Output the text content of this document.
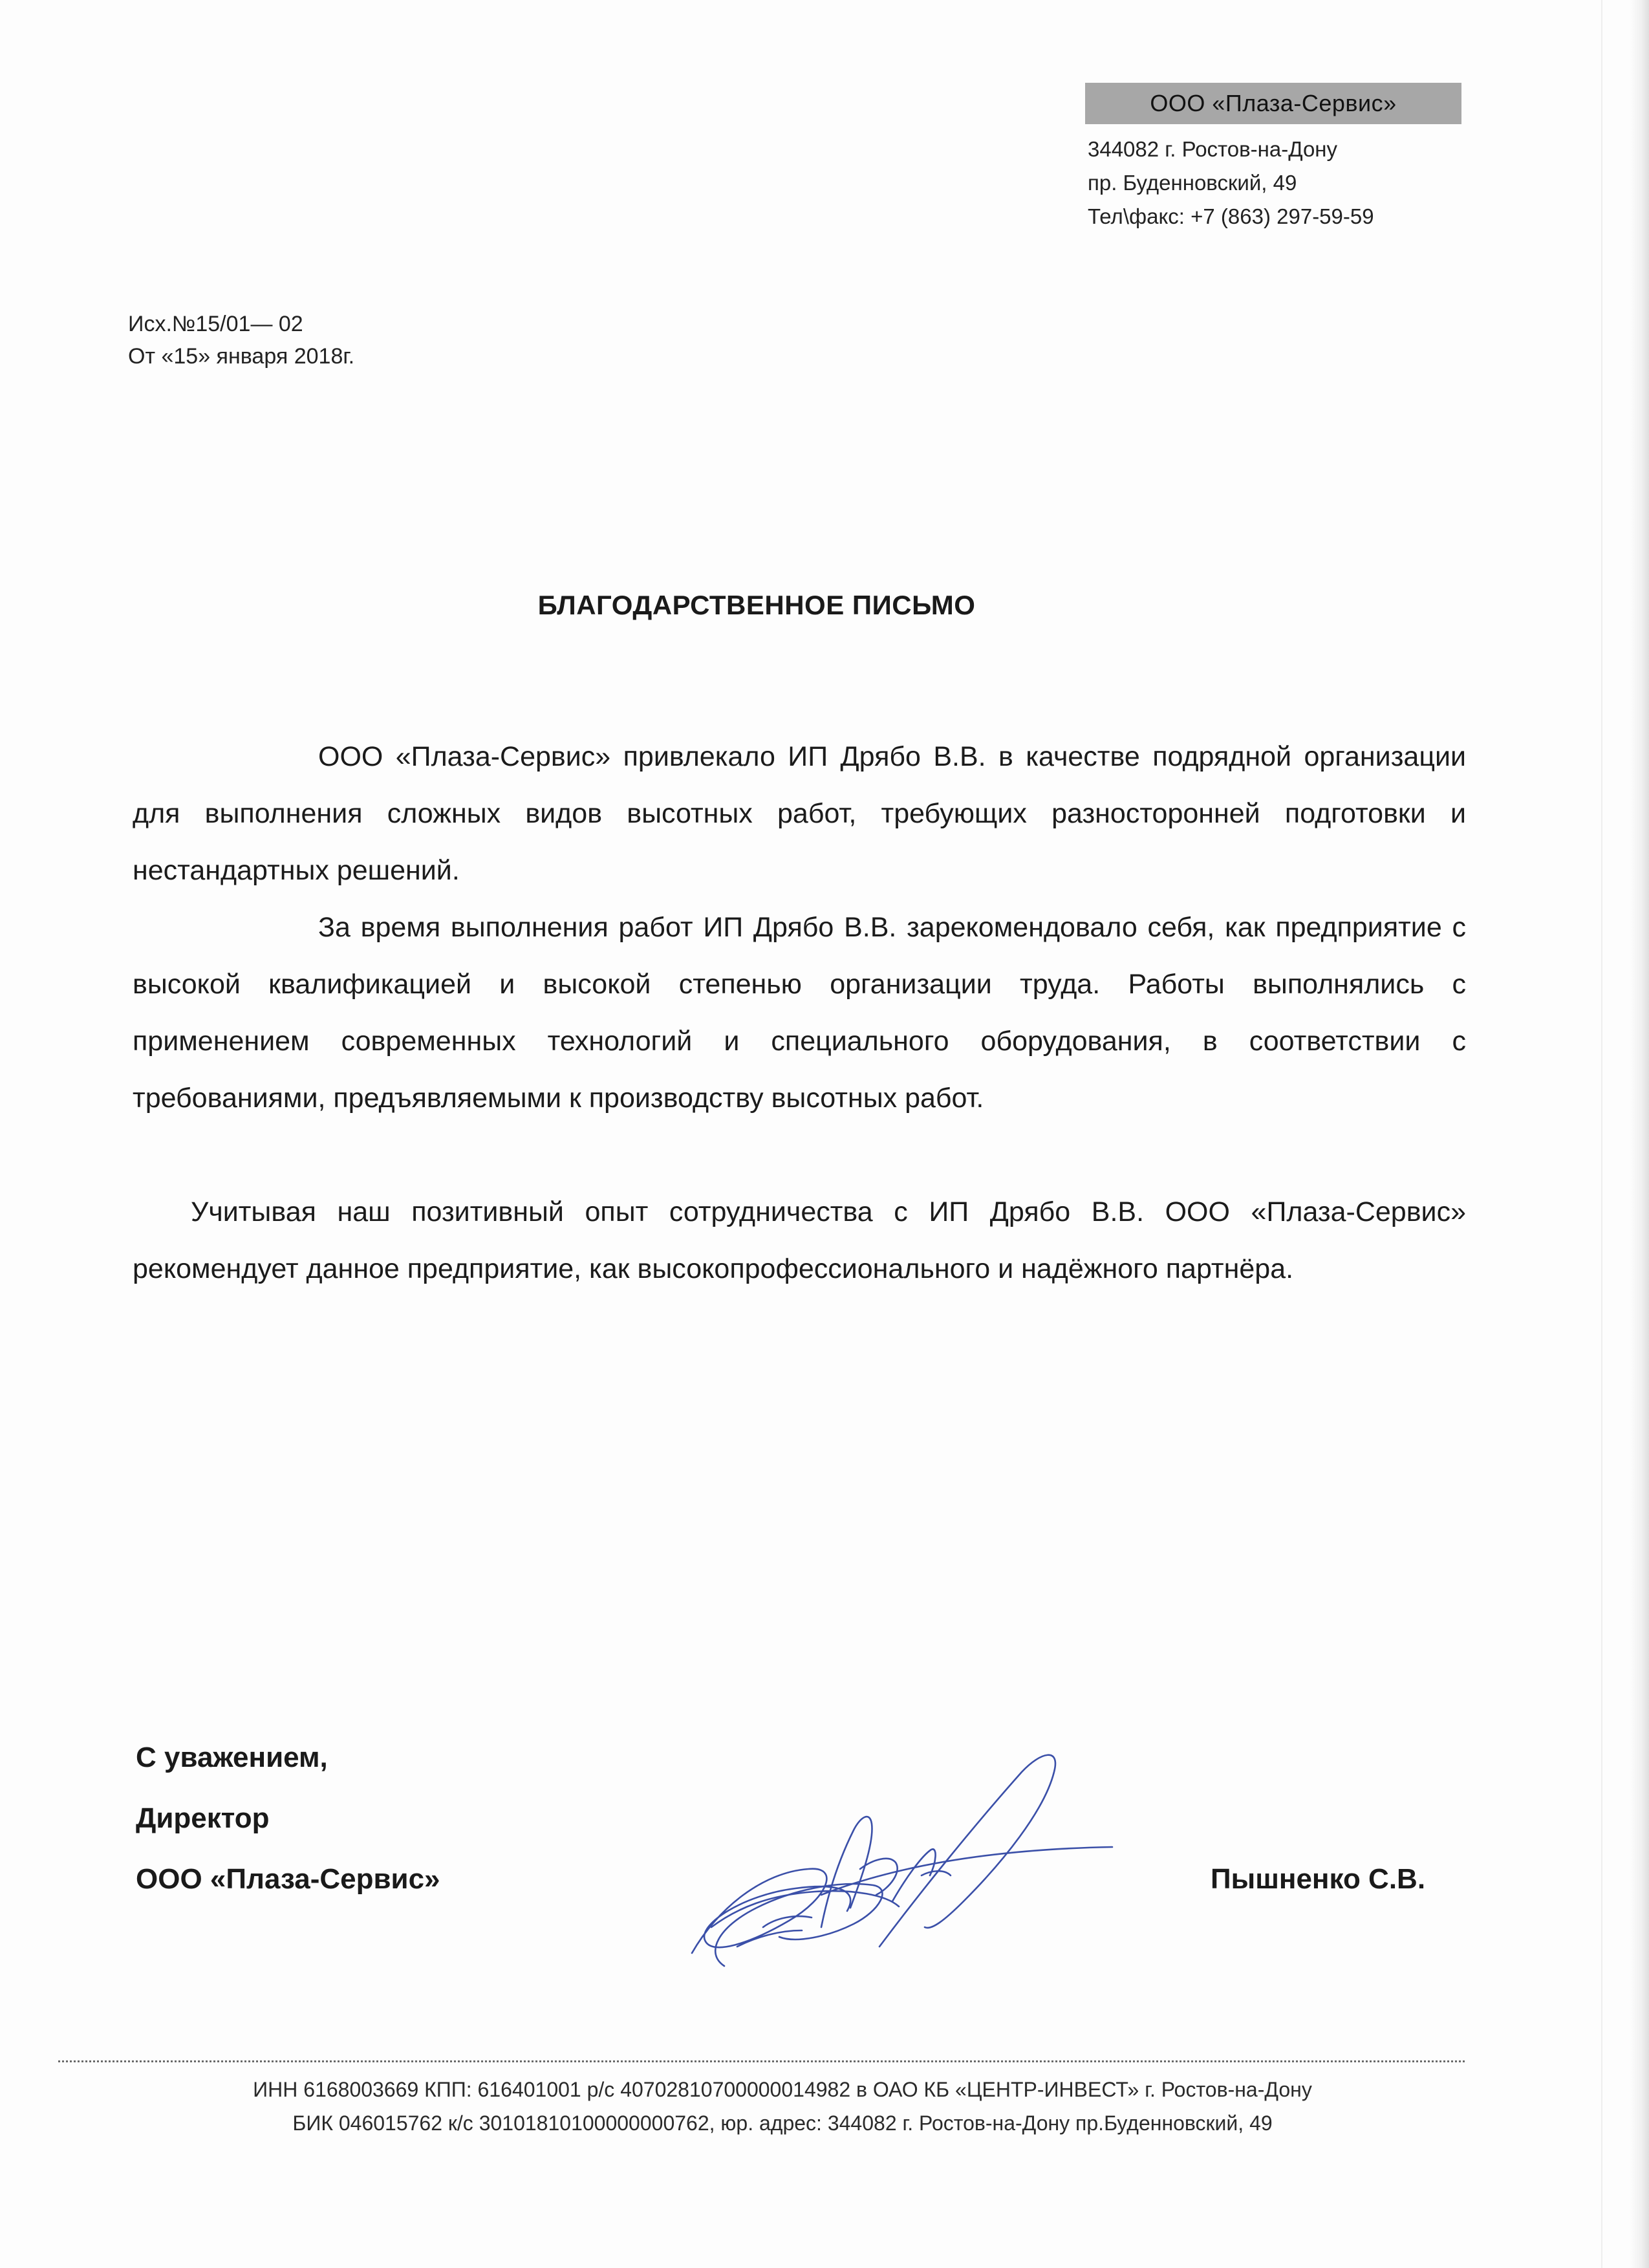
ООО «Плаза-Сервис»
344082 г. Ростов-на-Дону
пр. Буденновский, 49
Тел\факс: +7 (863) 297-59-59
Исх.№15/01— 02
От «15» января 2018г.
БЛАГОДАРСТВЕННОЕ ПИСЬМО
ООО «Плаза-Сервис» привлекало ИП Дрябо В.В. в качестве подрядной организации для выполнения сложных видов высотных работ, требующих разносторонней подготовки и нестандартных решений.
За время выполнения работ ИП Дрябо В.В. зарекомендовало себя, как предприятие с высокой квалификацией и высокой степенью организации труда. Работы выполнялись с применением современных технологий и специального оборудования, в соответствии с требованиями, предъявляемыми к производству высотных работ.
Учитывая наш позитивный опыт сотрудничества с ИП Дрябо В.В. ООО «Плаза-Сервис» рекомендует данное предприятие, как высокопрофессионального и надёжного партнёра.
С уважением,
Директор
ООО «Плаза-Сервис»	Пышненко С.В.
ИНН 6168003669 КПП: 616401001 р/с 40702810700000014982 в ОАО КБ «ЦЕНТР-ИНВЕСТ» г. Ростов-на-Дону
БИК 046015762 к/с 30101810100000000762, юр. адрес: 344082 г. Ростов-на-Дону пр.Буденновский, 49
